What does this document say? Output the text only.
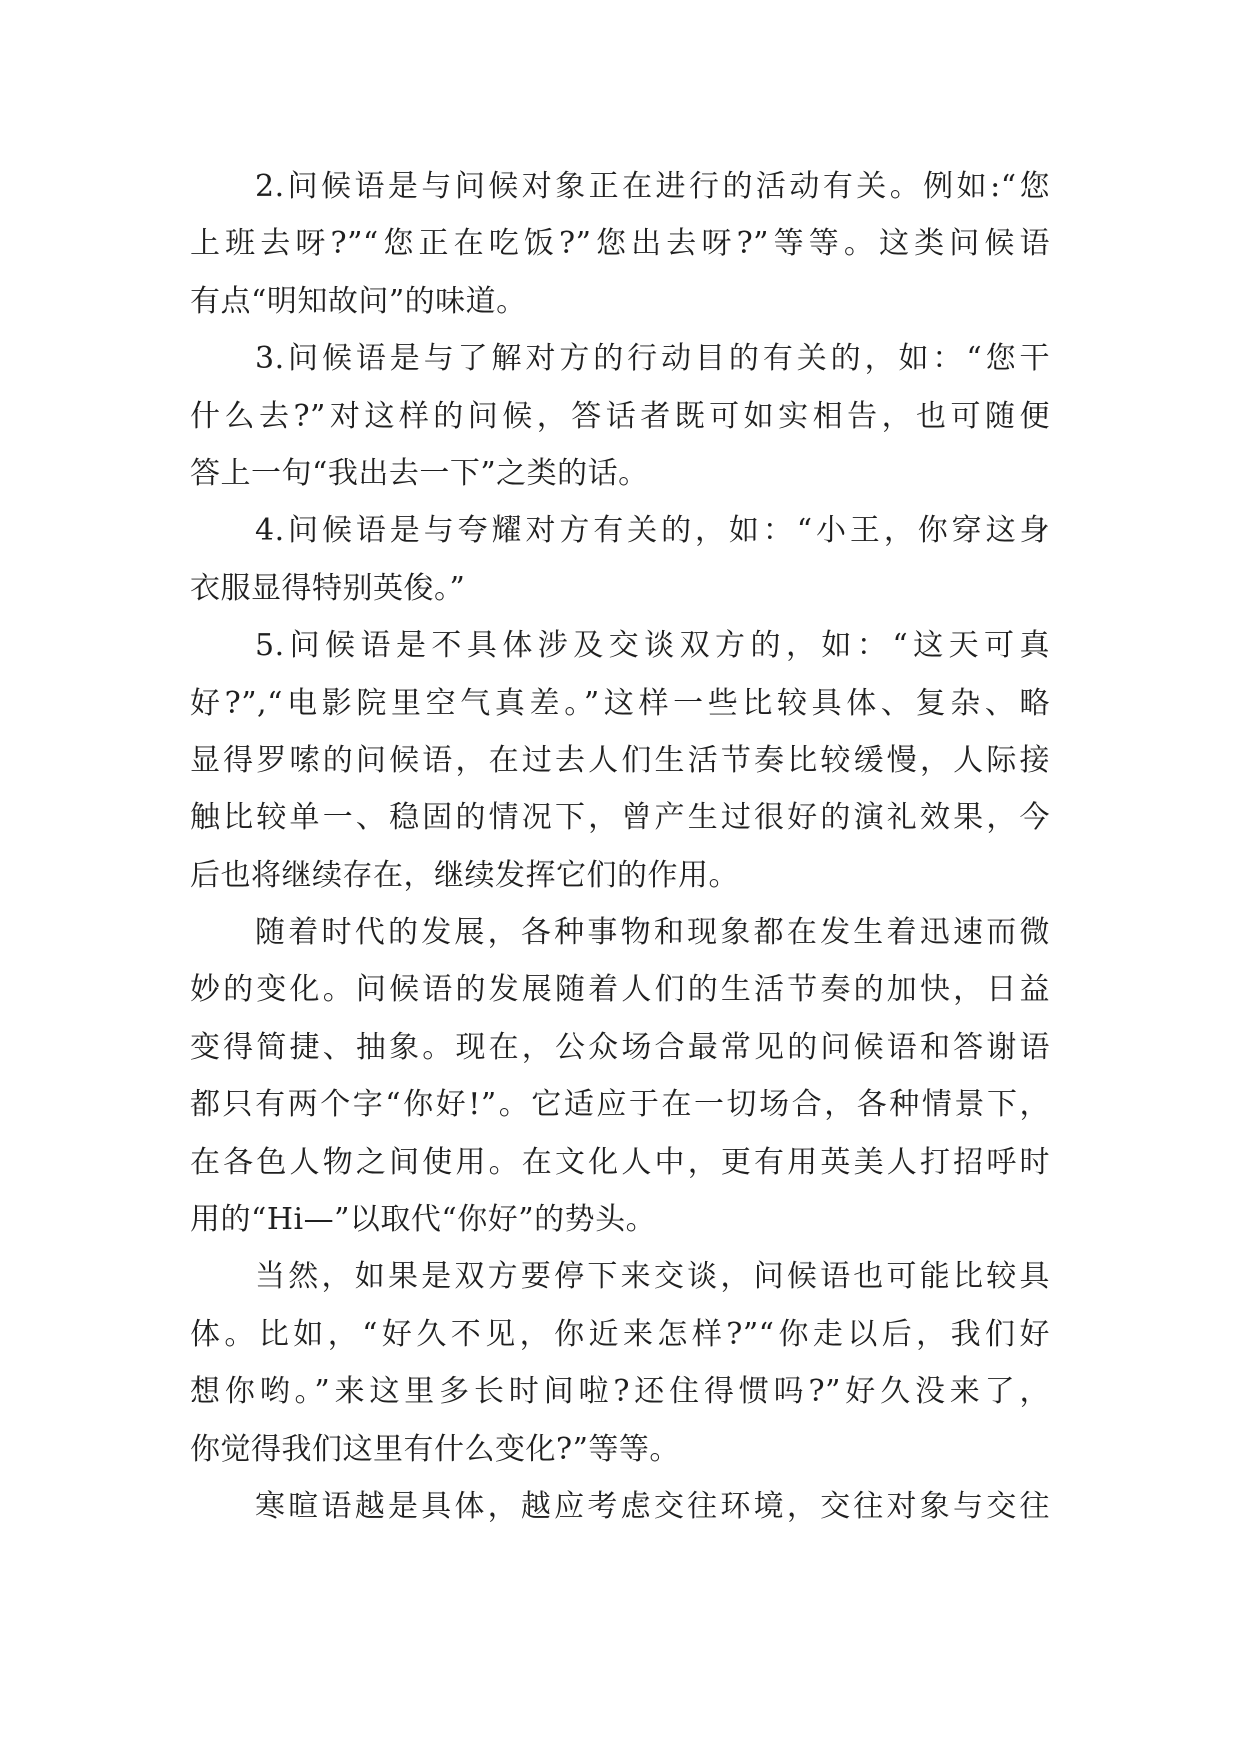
2.问候语是与问候对象正在进行的活动有关。例如:“您
上班去呀?”“您正在吃饭?”您出去呀?”等等。这类问候语
有点“明知故问”的味道。
3.问候语是与了解对方的行动目的有关的，如：“您干
什么去?”对这样的问候，答话者既可如实相告，也可随便
答上一句“我出去一下”之类的话。
4.问候语是与夸耀对方有关的，如：“小王，你穿这身
衣服显得特别英俊。”
5.问候语是不具体涉及交谈双方的，如：“这天可真
好?”,“电影院里空气真差。”这样一些比较具体、复杂、略
显得罗嗦的问候语，在过去人们生活节奏比较缓慢，人际接
触比较单一、稳固的情况下，曾产生过很好的演礼效果，今
后也将继续存在，继续发挥它们的作用。
随着时代的发展，各种事物和现象都在发生着迅速而微
妙的变化。问候语的发展随着人们的生活节奏的加快，日益
变得简捷、抽象。现在，公众场合最常见的问候语和答谢语
都只有两个字“你好!”。它适应于在一切场合，各种情景下，
在各色人物之间使用。在文化人中，更有用英美人打招呼时
用的“Hi—”以取代“你好”的势头。
当然，如果是双方要停下来交谈，问候语也可能比较具
体。比如，“好久不见，你近来怎样?”“你走以后，我们好
想你哟。”来这里多长时间啦?还住得惯吗?”好久没来了，
你觉得我们这里有什么变化?”等等。
寒暄语越是具体，越应考虑交往环境，交往对象与交往
